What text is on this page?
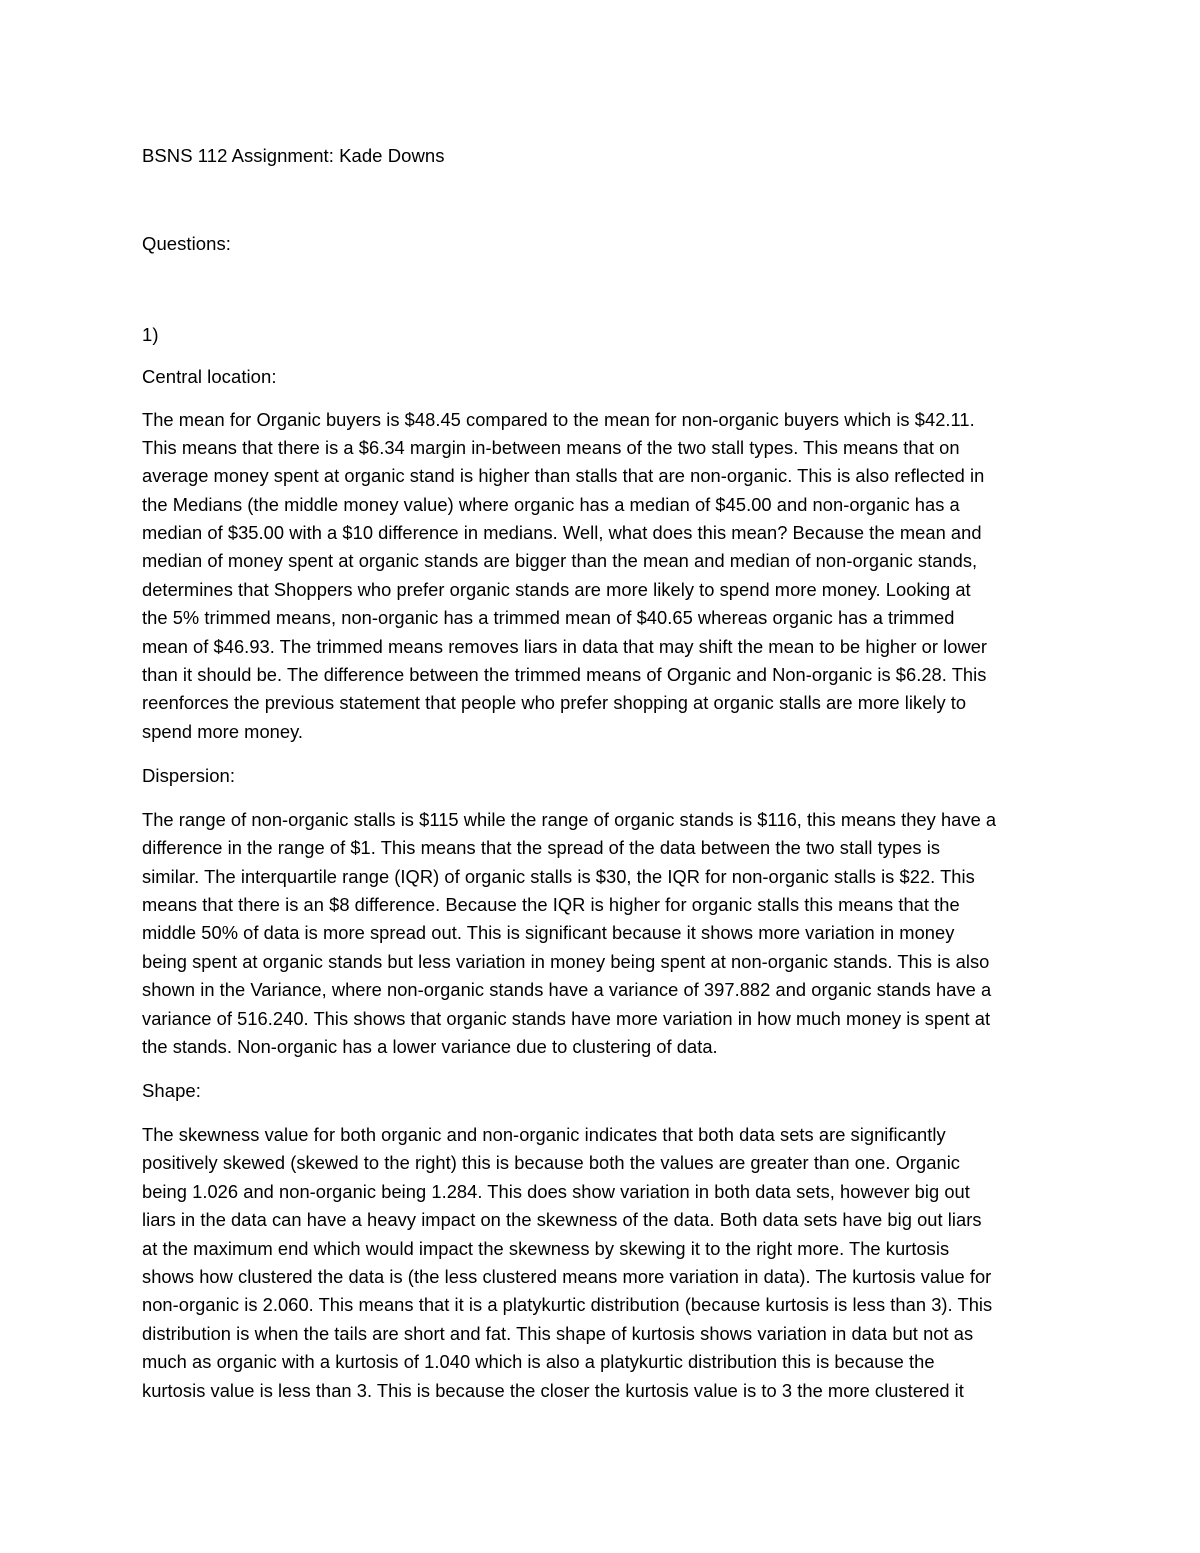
BSNS 112 Assignment: Kade Downs
Questions:
1)
Central location:
The mean for Organic buyers is $48.45 compared to the mean for non-organic buyers which is $42.11.
This means that there is a $6.34 margin in-between means of the two stall types. This means that on
average money spent at organic stand is higher than stalls that are non-organic. This is also reflected in
the Medians (the middle money value) where organic has a median of $45.00 and non-organic has a
median of $35.00 with a $10 difference in medians. Well, what does this mean? Because the mean and
median of money spent at organic stands are bigger than the mean and median of non-organic stands,
determines that Shoppers who prefer organic stands are more likely to spend more money. Looking at
the 5% trimmed means, non-organic has a trimmed mean of $40.65 whereas organic has a trimmed
mean of $46.93. The trimmed means removes liars in data that may shift the mean to be higher or lower
than it should be. The difference between the trimmed means of Organic and Non-organic is $6.28. This
reenforces the previous statement that people who prefer shopping at organic stalls are more likely to
spend more money.
Dispersion:
The range of non-organic stalls is $115 while the range of organic stands is $116, this means they have a
difference in the range of $1. This means that the spread of the data between the two stall types is
similar. The interquartile range (IQR) of organic stalls is $30, the IQR for non-organic stalls is $22. This
means that there is an $8 difference. Because the IQR is higher for organic stalls this means that the
middle 50% of data is more spread out. This is significant because it shows more variation in money
being spent at organic stands but less variation in money being spent at non-organic stands. This is also
shown in the Variance, where non-organic stands have a variance of 397.882 and organic stands have a
variance of 516.240. This shows that organic stands have more variation in how much money is spent at
the stands. Non-organic has a lower variance due to clustering of data.
Shape:
The skewness value for both organic and non-organic indicates that both data sets are significantly
positively skewed (skewed to the right) this is because both the values are greater than one. Organic
being 1.026 and non-organic being 1.284. This does show variation in both data sets, however big out
liars in the data can have a heavy impact on the skewness of the data. Both data sets have big out liars
at the maximum end which would impact the skewness by skewing it to the right more. The kurtosis
shows how clustered the data is (the less clustered means more variation in data). The kurtosis value for
non-organic is 2.060. This means that it is a platykurtic distribution (because kurtosis is less than 3). This
distribution is when the tails are short and fat. This shape of kurtosis shows variation in data but not as
much as organic with a kurtosis of 1.040 which is also a platykurtic distribution this is because the
kurtosis value is less than 3. This is because the closer the kurtosis value is to 3 the more clustered it
